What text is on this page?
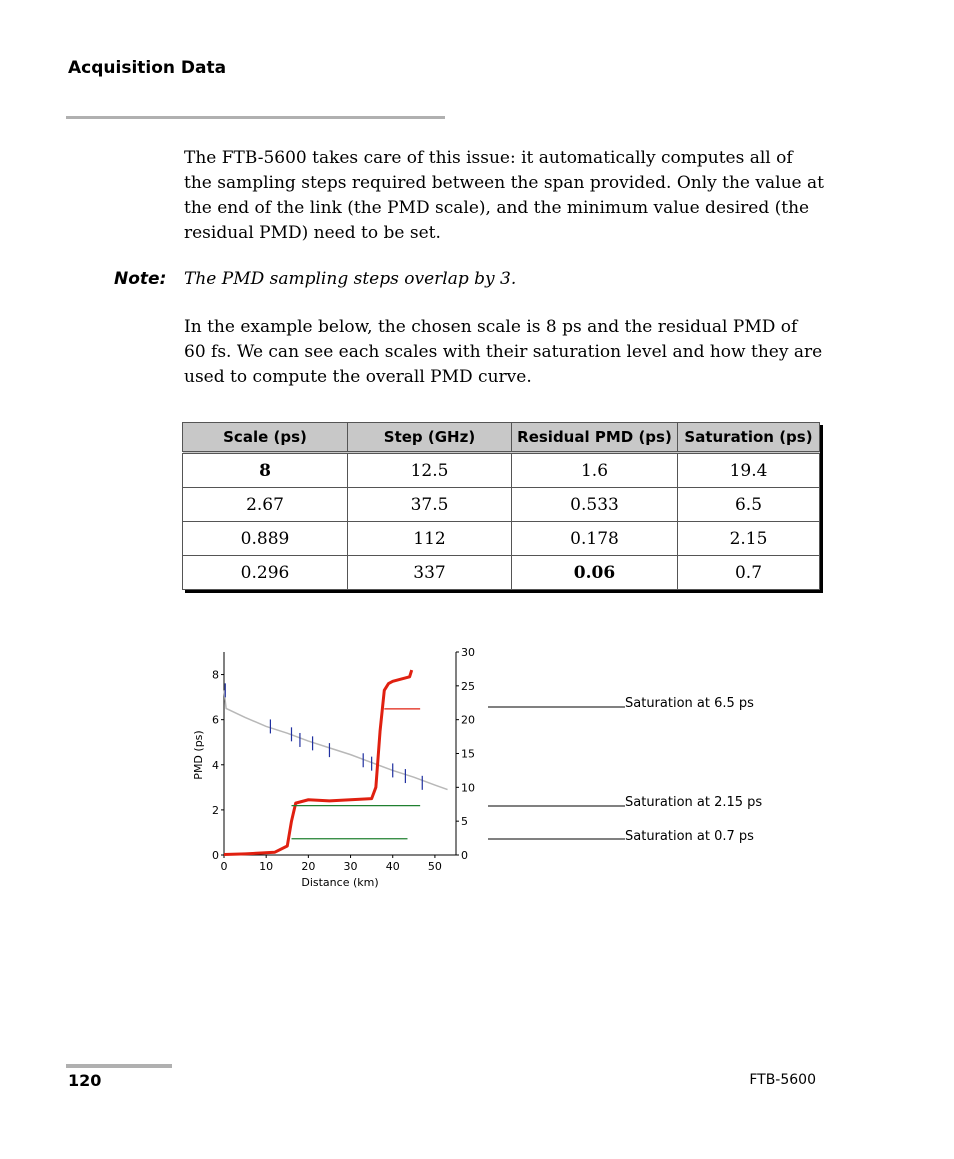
Acquisition Data
The FTB-5600 takes care of this issue: it automatically computes all of the sampling steps required between the span provided. Only the value at the end of the link (the PMD scale), and the minimum value desired (the residual PMD) need to be set.
Note: The PMD sampling steps overlap by 3.
In the example below, the chosen scale is 8 ps and the residual PMD of 60 fs. We can see each scales with their saturation level and how they are used to compute the overall PMD curve.
Scale (ps)	Step (GHz)	Residual PMD (ps)	Saturation (ps)
8	12.5	1.6	19.4
2.67	37.5	0.533	6.5
0.889	112	0.178	2.15
0.296	337	0.06	0.7
0	10	20	30	40	50
0
2
4
6
8
0
5
10
15
20
25
30
Distance (km)
PMD (ps)
Saturation at 6.5 ps
Saturation at 2.15 ps
Saturation at 0.7 ps
120	FTB-5600
